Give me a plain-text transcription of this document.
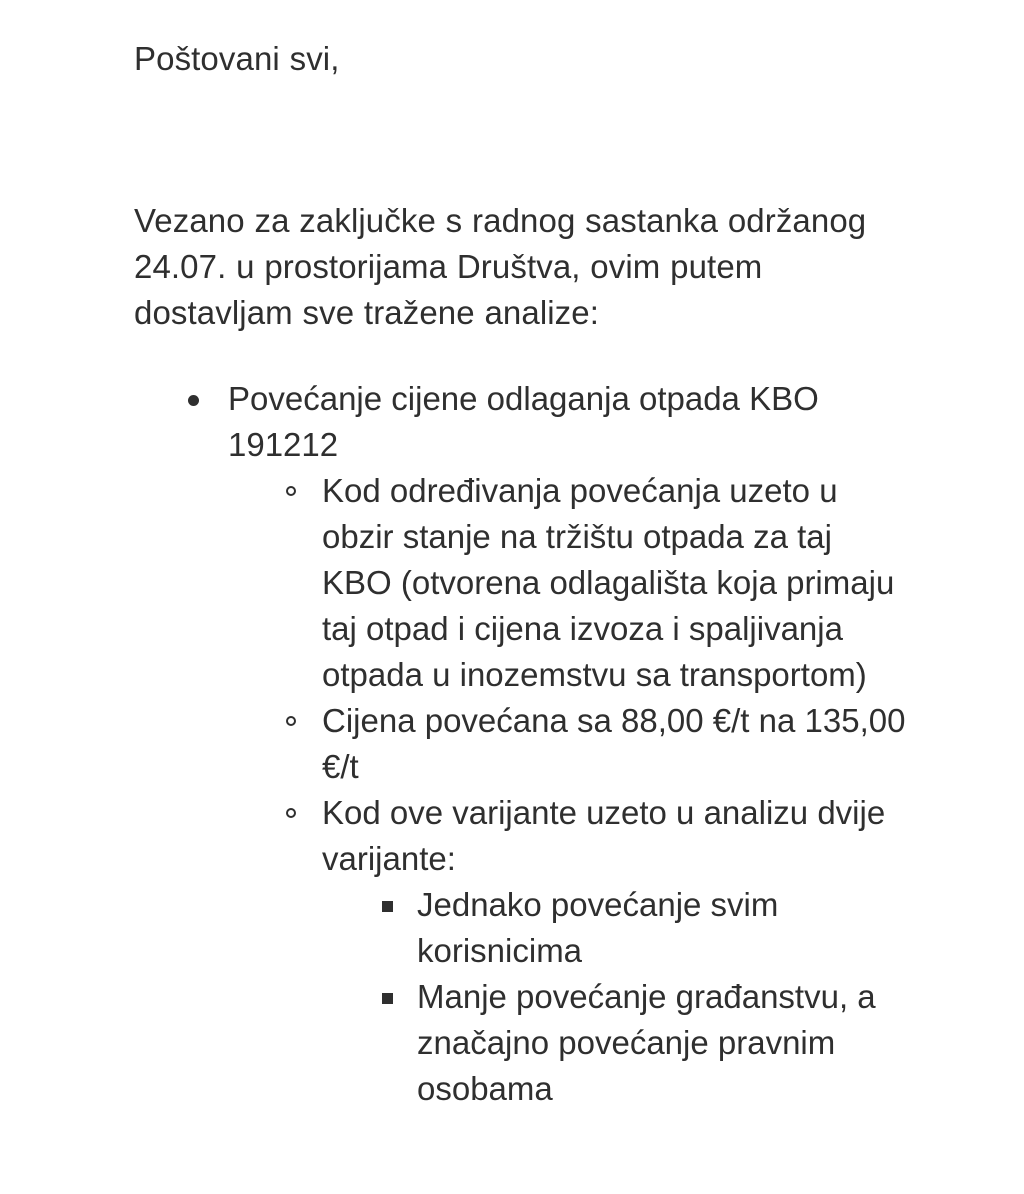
Poštovani svi,

Vezano za zaključke s radnog sastanka održanog 24.07. u prostorijama Društva, ovim putem dostavljam sve tražene analize:

Povećanje cijene odlaganja otpada KBO 191212
Kod određivanja povećanja uzeto u obzir stanje na tržištu otpada za taj KBO (otvorena odlagališta koja primaju taj otpad i cijena izvoza i spaljivanja otpada u inozemstvu sa transportom)
Cijena povećana sa 88,00 €/t na 135,00 €/t
Kod ove varijante uzeto u analizu dvije varijante:
Jednako povećanje svim korisnicima
Manje povećanje građanstvu, a značajno povećanje pravnim osobama
